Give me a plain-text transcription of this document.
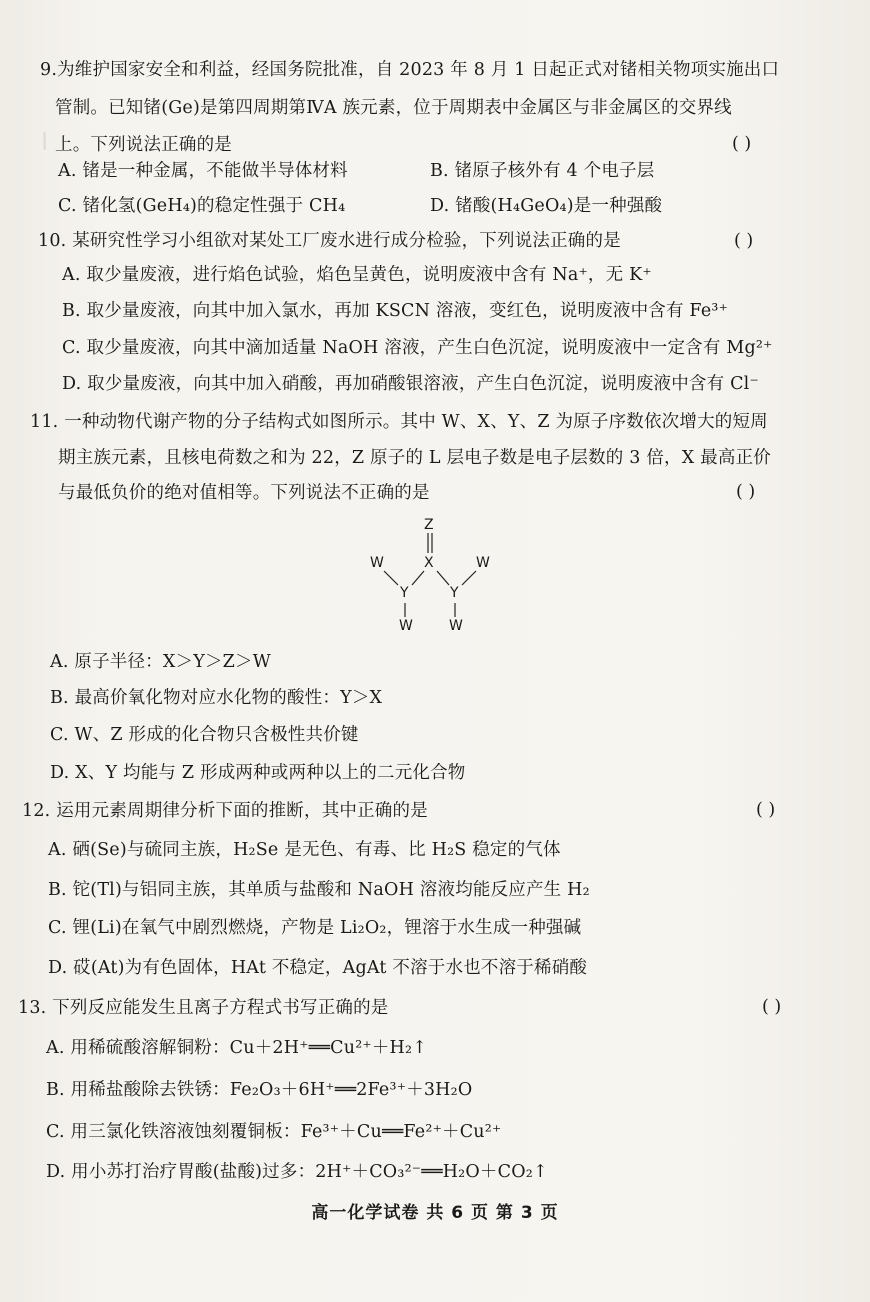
┃
9.为维护国家安全和利益，经国务院批准，自 2023 年 8 月 1 日起正式对锗相关物项实施出口
管制。已知锗(Ge)是第四周期第ⅣA 族元素，位于周期表中金属区与非金属区的交界线
上。下列说法正确的是	( )
A. 锗是一种金属，不能做半导体材料	B. 锗原子核外有 4 个电子层
C. 锗化氢(GeH₄)的稳定性强于 CH₄	D. 锗酸(H₄GeO₄)是一种强酸
10. 某研究性学习小组欲对某处工厂废水进行成分检验，下列说法正确的是	( )
A. 取少量废液，进行焰色试验，焰色呈黄色，说明废液中含有 Na⁺，无 K⁺
B. 取少量废液，向其中加入氯水，再加 KSCN 溶液，变红色，说明废液中含有 Fe³⁺
C. 取少量废液，向其中滴加适量 NaOH 溶液，产生白色沉淀，说明废液中一定含有 Mg²⁺
D. 取少量废液，向其中加入硝酸，再加硝酸银溶液，产生白色沉淀，说明废液中含有 Cl⁻
11. 一种动物代谢产物的分子结构式如图所示。其中 W、X、Y、Z 为原子序数依次增大的短周
期主族元素，且核电荷数之和为 22，Z 原子的 L 层电子数是电子层数的 3 倍，X 最高正价
与最低负价的绝对值相等。下列说法不正确的是	( )
Z
X
W	W
Y	Y
W	W
A. 原子半径：X＞Y＞Z＞W
B. 最高价氧化物对应水化物的酸性：Y＞X
C. W、Z 形成的化合物只含极性共价键
D. X、Y 均能与 Z 形成两种或两种以上的二元化合物
12. 运用元素周期律分析下面的推断，其中正确的是	( )
A. 硒(Se)与硫同主族，H₂Se 是无色、有毒、比 H₂S 稳定的气体
B. 铊(Tl)与铝同主族，其单质与盐酸和 NaOH 溶液均能反应产生 H₂
C. 锂(Li)在氧气中剧烈燃烧，产物是 Li₂O₂，锂溶于水生成一种强碱
D. 砹(At)为有色固体，HAt 不稳定，AgAt 不溶于水也不溶于稀硝酸
13. 下列反应能发生且离子方程式书写正确的是	( )
A. 用稀硫酸溶解铜粉：Cu＋2H⁺══Cu²⁺＋H₂↑
B. 用稀盐酸除去铁锈：Fe₂O₃＋6H⁺══2Fe³⁺＋3H₂O
C. 用三氯化铁溶液蚀刻覆铜板：Fe³⁺＋Cu══Fe²⁺＋Cu²⁺
D. 用小苏打治疗胃酸(盐酸)过多：2H⁺＋CO₃²⁻══H₂O＋CO₂↑
高一化学试卷 共 6 页 第 3 页
